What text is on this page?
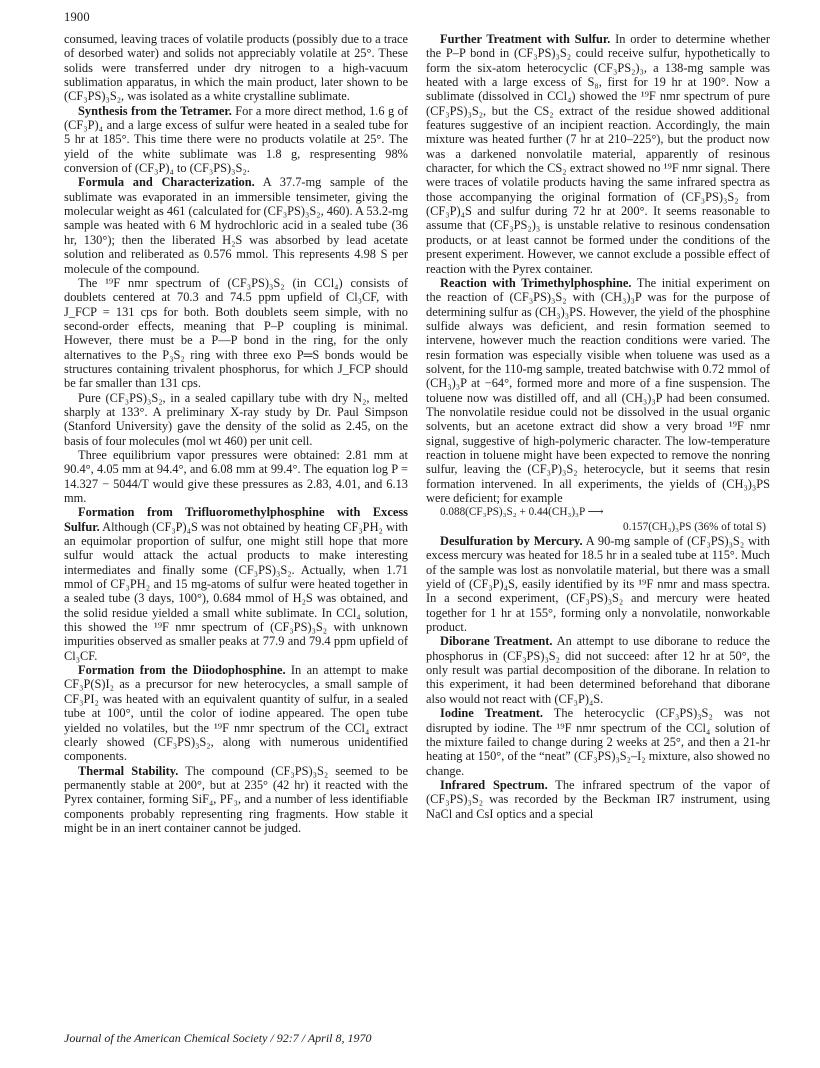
1900

consumed, leaving traces of volatile products (possibly due to a trace of desorbed water) and solids not appreciably volatile at 25°. These solids were transferred under dry nitrogen to a high-vacuum sublimation apparatus, in which the main product, later shown to be (CF₃PS)₃S₂, was isolated as a white crystalline sublimate.

Synthesis from the Tetramer. For a more direct method, 1.6 g of (CF₃P)₄ and a large excess of sulfur were heated in a sealed tube for 5 hr at 185°. This time there were no products volatile at 25°. The yield of the white sublimate was 1.8 g, respresenting 98% conversion of (CF₃P)₄ to (CF₃PS)₃S₂.

Formula and Characterization. A 37.7-mg sample of the sublimate was evaporated in an immersible tensimeter, giving the molecular weight as 461 (calculated for (CF₃PS)₃S₂, 460). A 53.2-mg sample was heated with 6 M hydrochloric acid in a sealed tube (36 hr, 130°); then the liberated H₂S was absorbed by lead acetate solution and reliberated as 0.576 mmol. This represents 4.98 S per molecule of the compound.

The ¹⁹F nmr spectrum of (CF₃PS)₃S₂ (in CCl₄) consists of doublets centered at 70.3 and 74.5 ppm upfield of Cl₃CF, with J_FCP = 131 cps for both. Both doublets seem simple, with no second-order effects, meaning that P–P coupling is minimal. However, there must be a P—P bond in the ring, for the only alternatives to the P₃S₂ ring with three exo P═S bonds would be structures containing trivalent phosphorus, for which J_FCP should be far smaller than 131 cps.

Pure (CF₃PS)₃S₂, in a sealed capillary tube with dry N₂, melted sharply at 133°. A preliminary X-ray study by Dr. Paul Simpson (Stanford University) gave the density of the solid as 2.45, on the basis of four molecules (mol wt 460) per unit cell.

Three equilibrium vapor pressures were obtained: 2.81 mm at 90.4°, 4.05 mm at 94.4°, and 6.08 mm at 99.4°. The equation log P = 14.327 − 5044/T would give these pressures as 2.83, 4.01, and 6.13 mm.

Formation from Trifluoromethylphosphine with Excess Sulfur. Although (CF₃P)₄S was not obtained by heating CF₃PH₂ with an equimolar proportion of sulfur, one might still hope that more sulfur would attack the actual products to make interesting intermediates and finally some (CF₃PS)₃S₂. Actually, when 1.71 mmol of CF₃PH₂ and 15 mg-atoms of sulfur were heated together in a sealed tube (3 days, 100°), 0.684 mmol of H₂S was obtained, and the solid residue yielded a small white sublimate. In CCl₄ solution, this showed the ¹⁹F nmr spectrum of (CF₃PS)₃S₂ with unknown impurities observed as smaller peaks at 77.9 and 79.4 ppm upfield of Cl₃CF.

Formation from the Diiodophosphine. In an attempt to make CF₃P(S)I₂ as a precursor for new heterocycles, a small sample of CF₃PI₂ was heated with an equivalent quantity of sulfur, in a sealed tube at 100°, until the color of iodine appeared. The open tube yielded no volatiles, but the ¹⁹F nmr spectrum of the CCl₄ extract clearly showed (CF₃PS)₃S₂, along with numerous unidentified components.

Thermal Stability. The compound (CF₃PS)₃S₂ seemed to be permanently stable at 200°, but at 235° (42 hr) it reacted with the Pyrex container, forming SiF₄, PF₃, and a number of less identifiable components probably representing ring fragments. How stable it might be in an inert container cannot be judged.

Further Treatment with Sulfur. In order to determine whether the P–P bond in (CF₃PS)₃S₂ could receive sulfur, hypothetically to form the six-atom heterocyclic (CF₃PS₂)₃, a 138-mg sample was heated with a large excess of S₈, first for 19 hr at 190°. Now a sublimate (dissolved in CCl₄) showed the ¹⁹F nmr spectrum of pure (CF₃PS)₃S₂, but the CS₂ extract of the residue showed additional features suggestive of an incipient reaction. Accordingly, the main mixture was heated further (7 hr at 210–225°), but the product now was a darkened nonvolatile material, apparently of resinous character, for which the CS₂ extract showed no ¹⁹F nmr signal. There were traces of volatile products having the same infrared spectra as those accompanying the original formation of (CF₃PS)₃S₂ from (CF₃P)₄S and sulfur during 72 hr at 200°. It seems reasonable to assume that (CF₃PS₂)₃ is unstable relative to resinous condensation products, or at least cannot be formed under the conditions of the present experiment. However, we cannot exclude a possible effect of reaction with the Pyrex container.

Reaction with Trimethylphosphine. The initial experiment on the reaction of (CF₃PS)₃S₂ with (CH₃)₃P was for the purpose of determining sulfur as (CH₃)₃PS. However, the yield of the phosphine sulfide always was deficient, and resin formation seemed to intervene, however much the reaction conditions were varied. The resin formation was especially visible when toluene was used as a solvent, for the 110-mg sample, treated batchwise with 0.72 mmol of (CH₃)₃P at −64°, formed more and more of a fine suspension. The toluene now was distilled off, and all (CH₃)₃P had been consumed. The nonvolatile residue could not be dissolved in the usual organic solvents, but an acetone extract did show a very broad ¹⁹F nmr signal, suggestive of high-polymeric character. The low-temperature reaction in toluene might have been expected to remove the nonring sulfur, leaving the (CF₃P)₃S₂ heterocycle, but it seems that resin formation intervened. In all experiments, the yields of (CH₃)₃PS were deficient; for example

0.088(CF₃PS)₃S₂ + 0.44(CH₃)₃P ⟶

0.157(CH₃)₃PS (36% of total S)

Desulfuration by Mercury. A 90-mg sample of (CF₃PS)₃S₂ with excess mercury was heated for 18.5 hr in a sealed tube at 115°. Much of the sample was lost as nonvolatile material, but there was a small yield of (CF₃P)₄S, easily identified by its ¹⁹F nmr and mass spectra. In a second experiment, (CF₃PS)₃S₂ and mercury were heated together for 1 hr at 155°, forming only a nonvolatile, nonworkable product.

Diborane Treatment. An attempt to use diborane to reduce the phosphorus in (CF₃PS)₃S₂ did not succeed: after 12 hr at 50°, the only result was partial decomposition of the diborane. In relation to this experiment, it had been determined beforehand that diborane also would not react with (CF₃P)₄S.

Iodine Treatment. The heterocyclic (CF₃PS)₃S₂ was not disrupted by iodine. The ¹⁹F nmr spectrum of the CCl₄ solution of the mixture failed to change during 2 weeks at 25°, and then a 21-hr heating at 150°, of the “neat” (CF₃PS)₃S₂–I₂ mixture, also showed no change.

Infrared Spectrum. The infrared spectrum of the vapor of (CF₃PS)₃S₂ was recorded by the Beckman IR7 instrument, using NaCl and CsI optics and a special

Journal of the American Chemical Society / 92:7 / April 8, 1970
